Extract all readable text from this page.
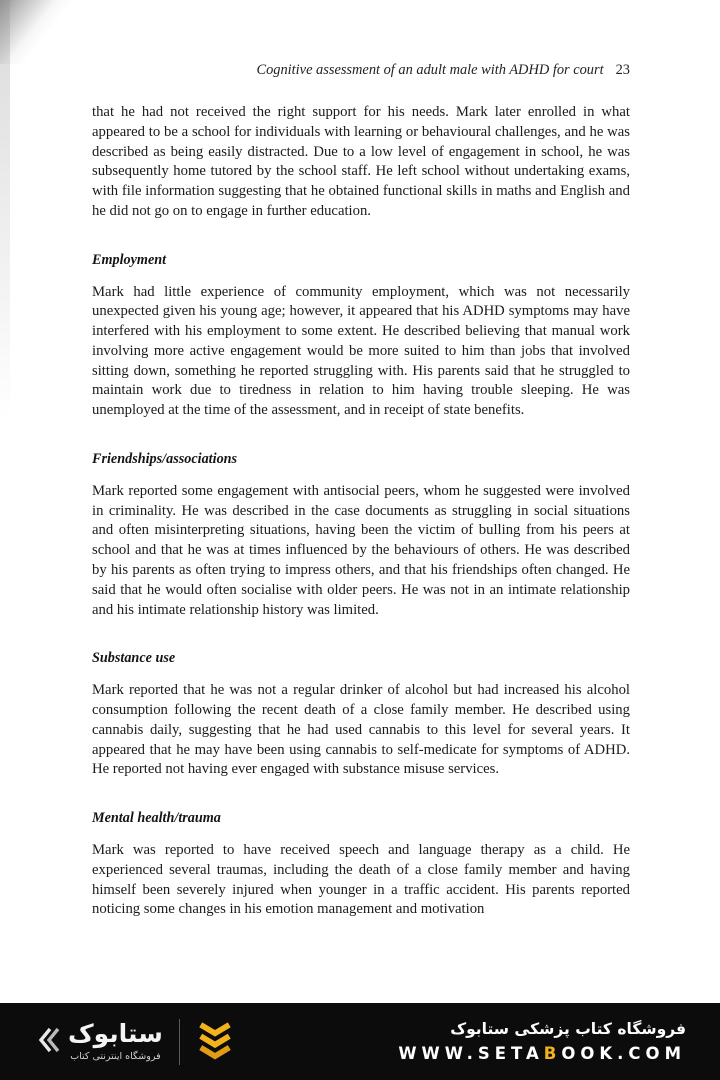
Cognitive assessment of an adult male with ADHD for court 23

that he had not received the right support for his needs. Mark later enrolled in what appeared to be a school for individuals with learning or behavioural challenges, and he was described as being easily distracted. Due to a low level of engagement in school, he was subsequently home tutored by the school staff. He left school without undertaking exams, with file information suggesting that he obtained functional skills in maths and English and he did not go on to engage in further education.

Employment

Mark had little experience of community employment, which was not necessarily unexpected given his young age; however, it appeared that his ADHD symptoms may have interfered with his employment to some extent. He described believing that manual work involving more active engagement would be more suited to him than jobs that involved sitting down, something he reported struggling with. His parents said that he struggled to maintain work due to tiredness in relation to him having trouble sleeping. He was unemployed at the time of the assessment, and in receipt of state benefits.

Friendships/associations

Mark reported some engagement with antisocial peers, whom he suggested were involved in criminality. He was described in the case documents as struggling in social situations and often misinterpreting situations, having been the victim of bulling from his peers at school and that he was at times influenced by the behaviours of others. He was described by his parents as often trying to impress others, and that his friendships often changed. He said that he would often socialise with older peers. He was not in an intimate relationship and his intimate relationship history was limited.

Substance use

Mark reported that he was not a regular drinker of alcohol but had increased his alcohol consumption following the recent death of a close family member. He described using cannabis daily, suggesting that he had used cannabis to this level for several years. It appeared that he may have been using cannabis to self-medicate for symptoms of ADHD. He reported not having ever engaged with substance misuse services.

Mental health/trauma

Mark was reported to have received speech and language therapy as a child. He experienced several traumas, including the death of a close family member and having himself been severely injured when younger in a traffic accident. His parents reported noticing some changes in his emotion management and motivation

ستابوک
فروشگاه اینترنتی کتاب
فروشگاه کتاب پزشکی ستابوک
WWW.SETABOOK.COM
